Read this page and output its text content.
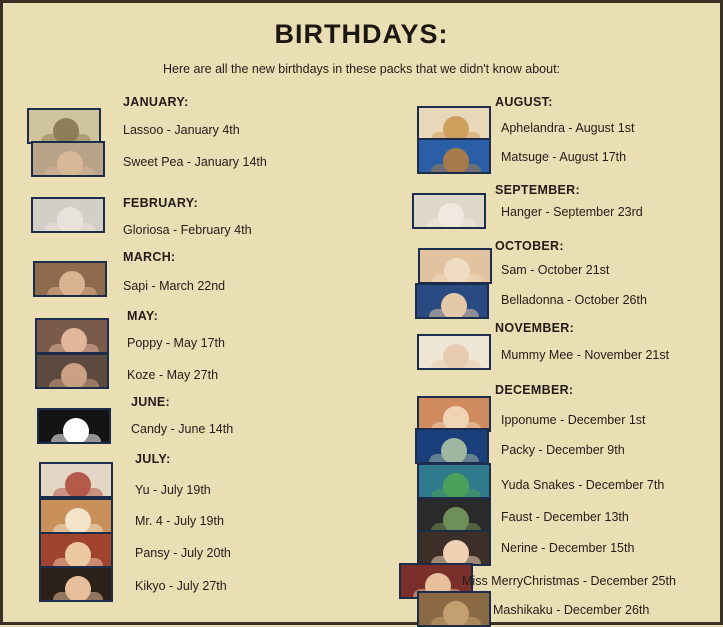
BIRTHDAYS:
Here are all the new birthdays in these packs that we didn't know about:
JANUARY:
Lassoo - January 4th
Sweet Pea - January 14th
FEBRUARY:
Gloriosa - February 4th
MARCH:
Sapi - March 22nd
MAY:
Poppy - May 17th
Koze - May 27th
JUNE:
Candy - June 14th
JULY:
Yu - July 19th
Mr. 4 - July 19th
Pansy - July 20th
Kikyo - July 27th
AUGUST:
Aphelandra - August 1st
Matsuge - August 17th
SEPTEMBER:
Hanger - September 23rd
OCTOBER:
Sam - October 21st
Belladonna - October 26th
NOVEMBER:
Mummy Mee - November 21st
DECEMBER:
Ipponume - December 1st
Packy - December 9th
Yuda Snakes - December 7th
Faust - December 13th
Nerine - December 15th
Miss MerryChristmas - December 25th
Mashikaku - December 26th
